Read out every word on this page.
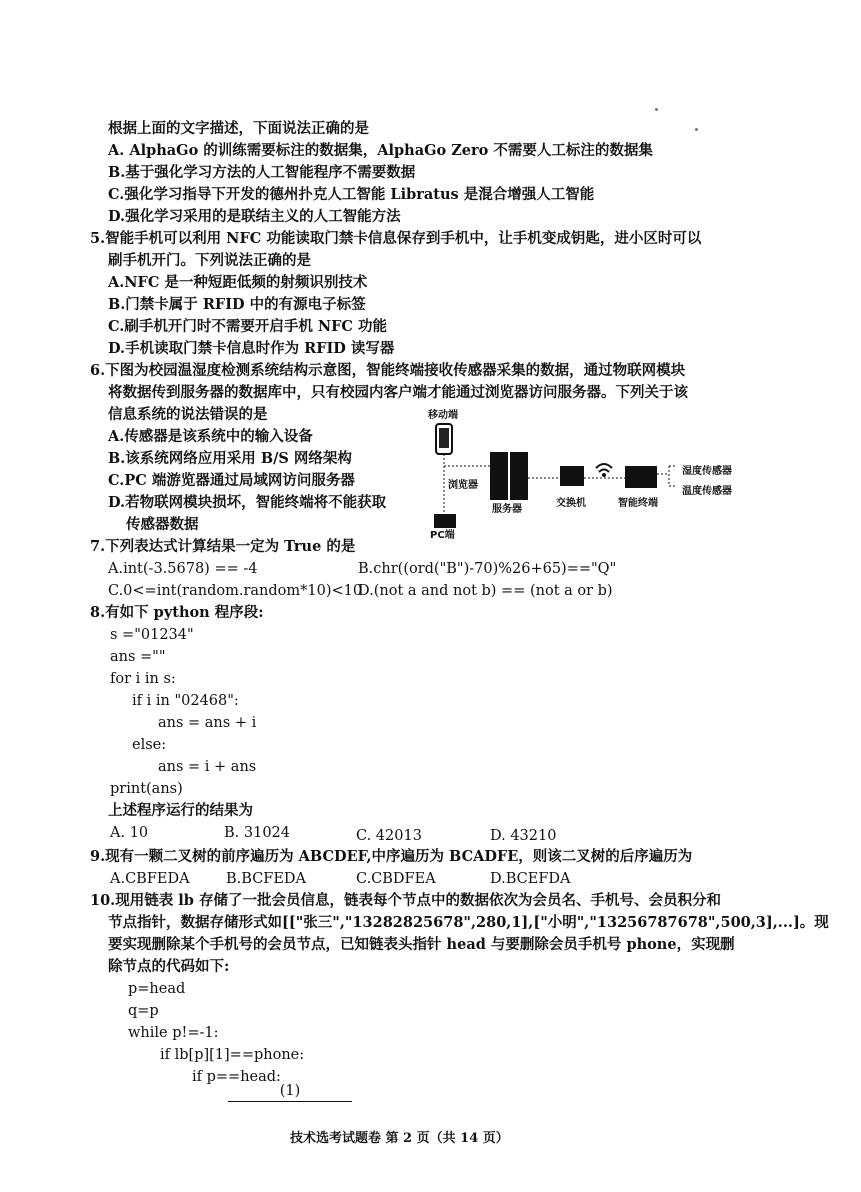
根据上面的文字描述，下面说法正确的是
A. AlphaGo 的训练需要标注的数据集，AlphaGo Zero 不需要人工标注的数据集
B.基于强化学习方法的人工智能程序不需要数据
C.强化学习指导下开发的德州扑克人工智能 Libratus 是混合增强人工智能
D.强化学习采用的是联结主义的人工智能方法
5.智能手机可以利用 NFC 功能读取门禁卡信息保存到手机中，让手机变成钥匙，进小区时可以
刷手机开门。下列说法正确的是
A.NFC 是一种短距低频的射频识别技术
B.门禁卡属于 RFID 中的有源电子标签
C.刷手机开门时不需要开启手机 NFC 功能
D.手机读取门禁卡信息时作为 RFID 读写器
6.下图为校园温湿度检测系统结构示意图，智能终端接收传感器采集的数据，通过物联网模块
将数据传到服务器的数据库中，只有校园内客户端才能通过浏览器访问服务器。下列关于该
信息系统的说法错误的是
A.传感器是该系统中的输入设备
B.该系统网络应用采用 B/S 网络架构
C.PC 端游览器通过局域网访问服务器
D.若物联网模块损坏，智能终端将不能获取
传感器数据
移动端
浏览器
服务器
交换机	智能终端
湿度传感器
温度传感器
PC端
7.下列表达式计算结果一定为 True 的是
A.int(-3.5678) == -4	B.chr((ord("B")-70)%26+65)=="Q"
C.0<=int(random.random*10)<10
D.(not a and not b) == (not a or b)
8.有如下 python 程序段:
s ="01234"
ans =""
for i in s:
if i in "02468":
ans = ans + i
else:
ans = i + ans
print(ans)
上述程序运行的结果为
A. 10	B. 31024	C. 42013	D. 43210
9.现有一颗二叉树的前序遍历为 ABCDEF,中序遍历为 BCADFE，则该二叉树的后序遍历为
A.CBFEDA	B.BCFEDA	C.CBDFEA	D.BCEFDA
10.现用链表 lb 存储了一批会员信息，链表每个节点中的数据依次为会员名、手机号、会员积分和
节点指针，数据存储形式如[["张三","13282825678",280,1],["小明","13256787678",500,3],...]。现
要实现删除某个手机号的会员节点，已知链表头指针 head 与要删除会员手机号 phone，实现删
除节点的代码如下:
p=head
q=p
while p!=-1:
if lb[p][1]==phone:
if p==head:
(1)
技术选考试题卷 第 2 页（共 14 页）
